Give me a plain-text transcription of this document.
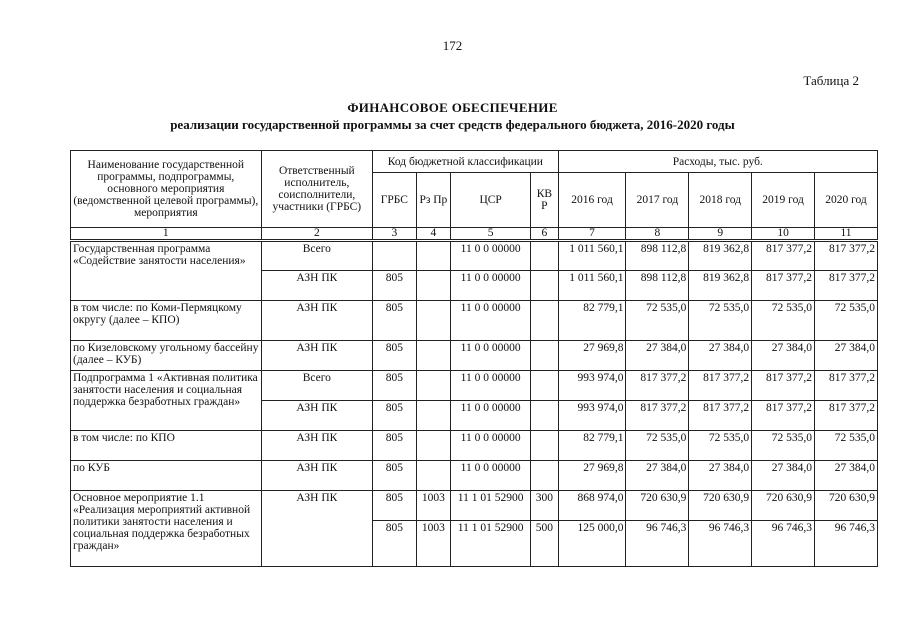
172
Таблица 2
ФИНАНСОВОЕ ОБЕСПЕЧЕНИЕ
реализации государственной программы за счет средств федерального бюджета, 2016-2020 годы
Наименование государственной программы, подпрограммы, основного мероприятия (ведомственной целевой программы), мероприятия	Ответственный исполнитель, соисполнители, участники (ГРБС)	Код бюджетной классификации				Расходы, тыс. руб.				
		ГРБС	Рз Пр	ЦСР	КВ Р	2016 год	2017 год	2018 год	2019 год	2020 год
1	2	3	4	5	6	7	8	9	10	11
Государственная программа «Содействие занятости населения»	Всего			11 0 0 00000		1 011 560,1	898 112,8	819 362,8	817 377,2	817 377,2
	АЗН ПК	805		11 0 0 00000		1 011 560,1	898 112,8	819 362,8	817 377,2	817 377,2
в том числе: по Коми-Пермяцкому округу (далее – КПО)	АЗН ПК	805		11 0 0 00000		82 779,1	72 535,0	72 535,0	72 535,0	72 535,0
по Кизеловскому угольному бассейну (далее – КУБ)	АЗН ПК	805		11 0 0 00000		27 969,8	27 384,0	27 384,0	27 384,0	27 384,0
Подпрограмма 1 «Активная политика занятости населения и социальная поддержка безработных граждан»	Всего	805		11 0 0 00000		993 974,0	817 377,2	817 377,2	817 377,2	817 377,2
	АЗН ПК	805		11 0 0 00000		993 974,0	817 377,2	817 377,2	817 377,2	817 377,2
в том числе: по КПО	АЗН ПК	805		11 0 0 00000		82 779,1	72 535,0	72 535,0	72 535,0	72 535,0
по КУБ	АЗН ПК	805		11 0 0 00000		27 969,8	27 384,0	27 384,0	27 384,0	27 384,0
Основное мероприятие 1.1 «Реализация мероприятий активной политики занятости населения и социальная поддержка безработных граждан»	АЗН ПК	805	1003	11 1 01 52900	300	868 974,0	720 630,9	720 630,9	720 630,9	720 630,9
		805	1003	11 1 01 52900	500	125 000,0	96 746,3	96 746,3	96 746,3	96 746,3
